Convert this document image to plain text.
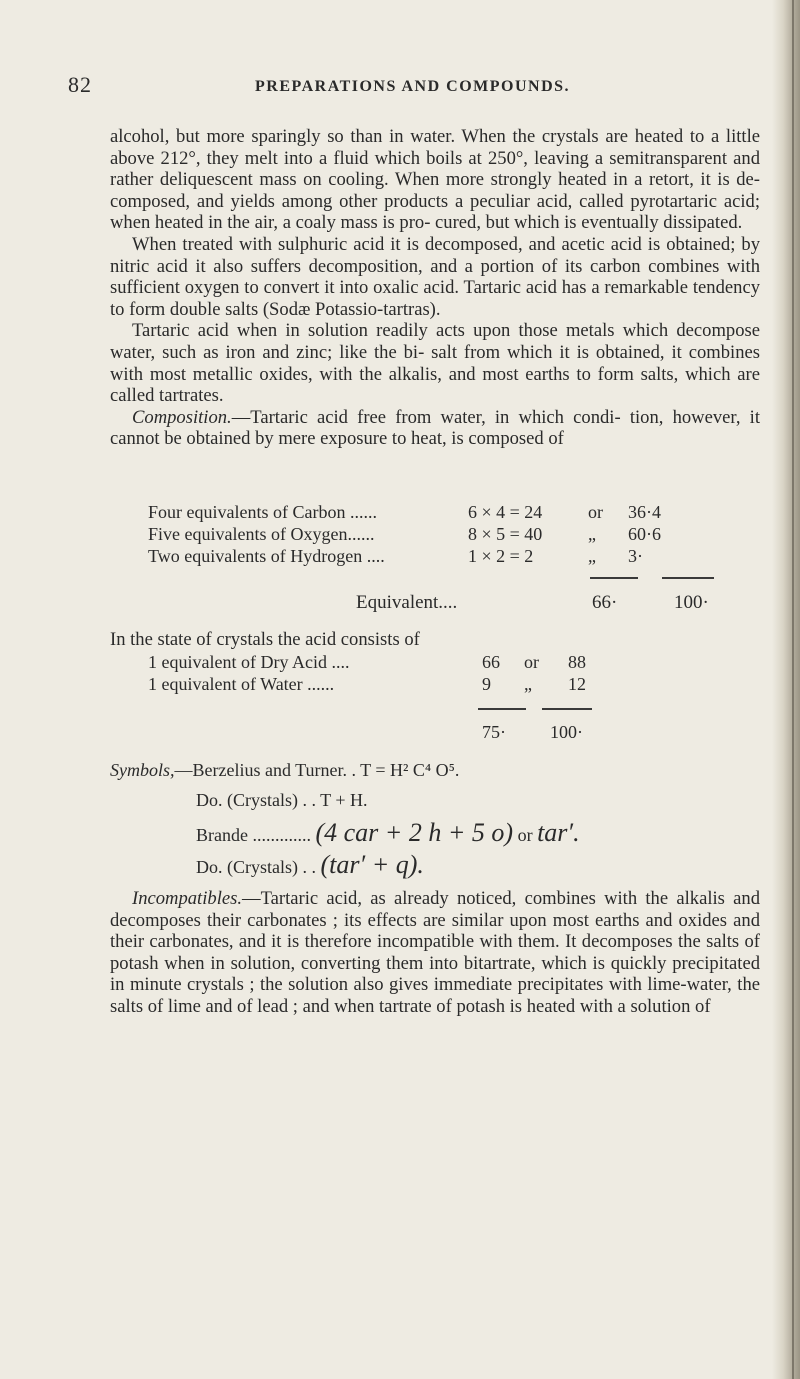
82	PREPARATIONS AND COMPOUNDS.

alcohol, but more sparingly so than in water. When the crystals are heated to a little above 212°, they melt into a fluid which boils at 250°, leaving a semitransparent and rather deliquescent mass on cooling. When more strongly heated in a retort, it is de- composed, and yields among other products a peculiar acid, called pyrotartaric acid; when heated in the air, a coaly mass is pro- cured, but which is eventually dissipated.

When treated with sulphuric acid it is decomposed, and acetic acid is obtained; by nitric acid it also suffers decomposition, and a portion of its carbon combines with sufficient oxygen to convert it into oxalic acid. Tartaric acid has a remarkable tendency to form double salts (Sodæ Potassio-tartras).

Tartaric acid when in solution readily acts upon those metals which decompose water, such as iron and zinc; like the bi- salt from which it is obtained, it combines with most metallic oxides, with the alkalis, and most earths to form salts, which are called tartrates.

Composition.—Tartaric acid free from water, in which condi- tion, however, it cannot be obtained by mere exposure to heat, is composed of

Four equivalents of Carbon ......	6 × 4 = 24	or 36·4
Five equivalents of Oxygen......	8 × 5 = 40	„ 60·6
Two equivalents of Hydrogen ....	1 × 2 = 2	„ 3·
Equivalent....	66·	100·

In the state of crystals the acid consists of

1 equivalent of Dry Acid ....	66 or 88
1 equivalent of Water ......	9 „ 12
75· 100·
Symbols,—Berzelius and Turner. . T = H² C⁴ O⁵.
Do. (Crystals) . . T + H.
Brande ............. (4 car + 2 h + 5 o) or tar′.
Do. (Crystals) . . (tar′ + q).

Incompatibles.—Tartaric acid, as already noticed, combines with the alkalis and decomposes their carbonates ; its effects are similar upon most earths and oxides and their carbonates, and it is therefore incompatible with them. It decomposes the salts of potash when in solution, converting them into bitartrate, which is quickly precipitated in minute crystals ; the solution also gives immediate precipitates with lime-water, the salts of lime and of lead ; and when tartrate of potash is heated with a solution of
